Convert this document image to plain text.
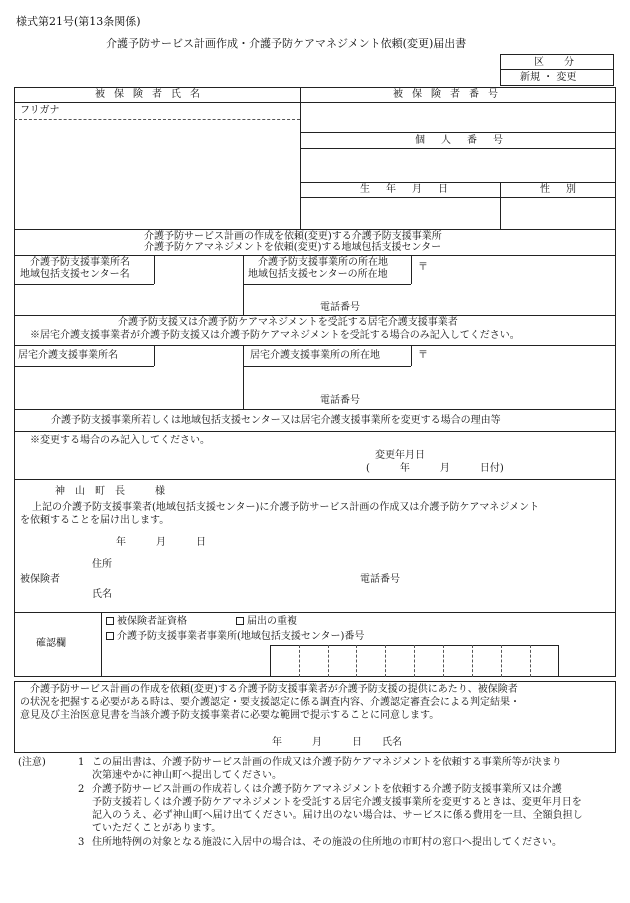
様式第21号(第13条関係)
介護予防サービス計画作成・介護予防ケアマネジメント依頼(変更)届出書
区　　分
新規 ・ 変更
被保険者氏名	被保険者番号
フリガナ
個人番号
生年月日	性別
介護予防サービス計画の作成を依頼(変更)する介護予防支援事業所
介護予防ケアマネジメントを依頼(変更)する地域包括支援センター
介護予防支援事業所名
地域包括支援センター名
介護予防支援事業所の所在地
地域包括支援センターの所在地
〒
電話番号
介護予防支援又は介護予防ケアマネジメントを受託する居宅介護支援事業者
※居宅介護支援事業者が介護予防支援又は介護予防ケアマネジメントを受託する場合のみ記入してください。
居宅介護支援事業所名	居宅介護支援事業所の所在地	〒
電話番号
介護予防支援事業所若しくは地域包括支援センター又は居宅介護支援事業所を変更する場合の理由等
※変更する場合のみ記入してください。
変更年月日
(　　　年　　　月　　　日付)
神　山　町　長　　　様
上記の介護予防支援事業者(地域包括支援センター)に介護予防サービス計画の作成又は介護予防ケアマネジメント
を依頼することを届け出します。
年　　　月　　　日
住所
被保険者	電話番号
氏名
確認欄
被保険者証資格	届出の重複
介護予防支援事業者事業所(地域包括支援センター)番号
介護予防サービス計画の作成を依頼(変更)する介護予防支援事業者が介護予防支援の提供にあたり、被保険者
の状況を把握する必要がある時は、要介護認定・要支援認定に係る調査内容、介護認定審査会による判定結果・
意見及び主治医意見書を当該介護予防支援事業者に必要な範囲で提示することに同意します。
年　　　月　　　日　　氏名
(注意)	1 この届出書は、介護予防サービス計画の作成又は介護予防ケアマネジメントを依頼する事業所等が決まり
次第速やかに神山町へ提出してください。
2 介護予防サービス計画の作成若しくは介護予防ケアマネジメントを依頼する介護予防支援事業所又は介護
予防支援若しくは介護予防ケアマネジメントを受託する居宅介護支援事業所を変更するときは、変更年月日を
記入のうえ、必ず神山町へ届け出てください。届け出のない場合は、サービスに係る費用を一旦、全額負担し
ていただくことがあります。
3 住所地特例の対象となる施設に入居中の場合は、その施設の住所地の市町村の窓口へ提出してください。
